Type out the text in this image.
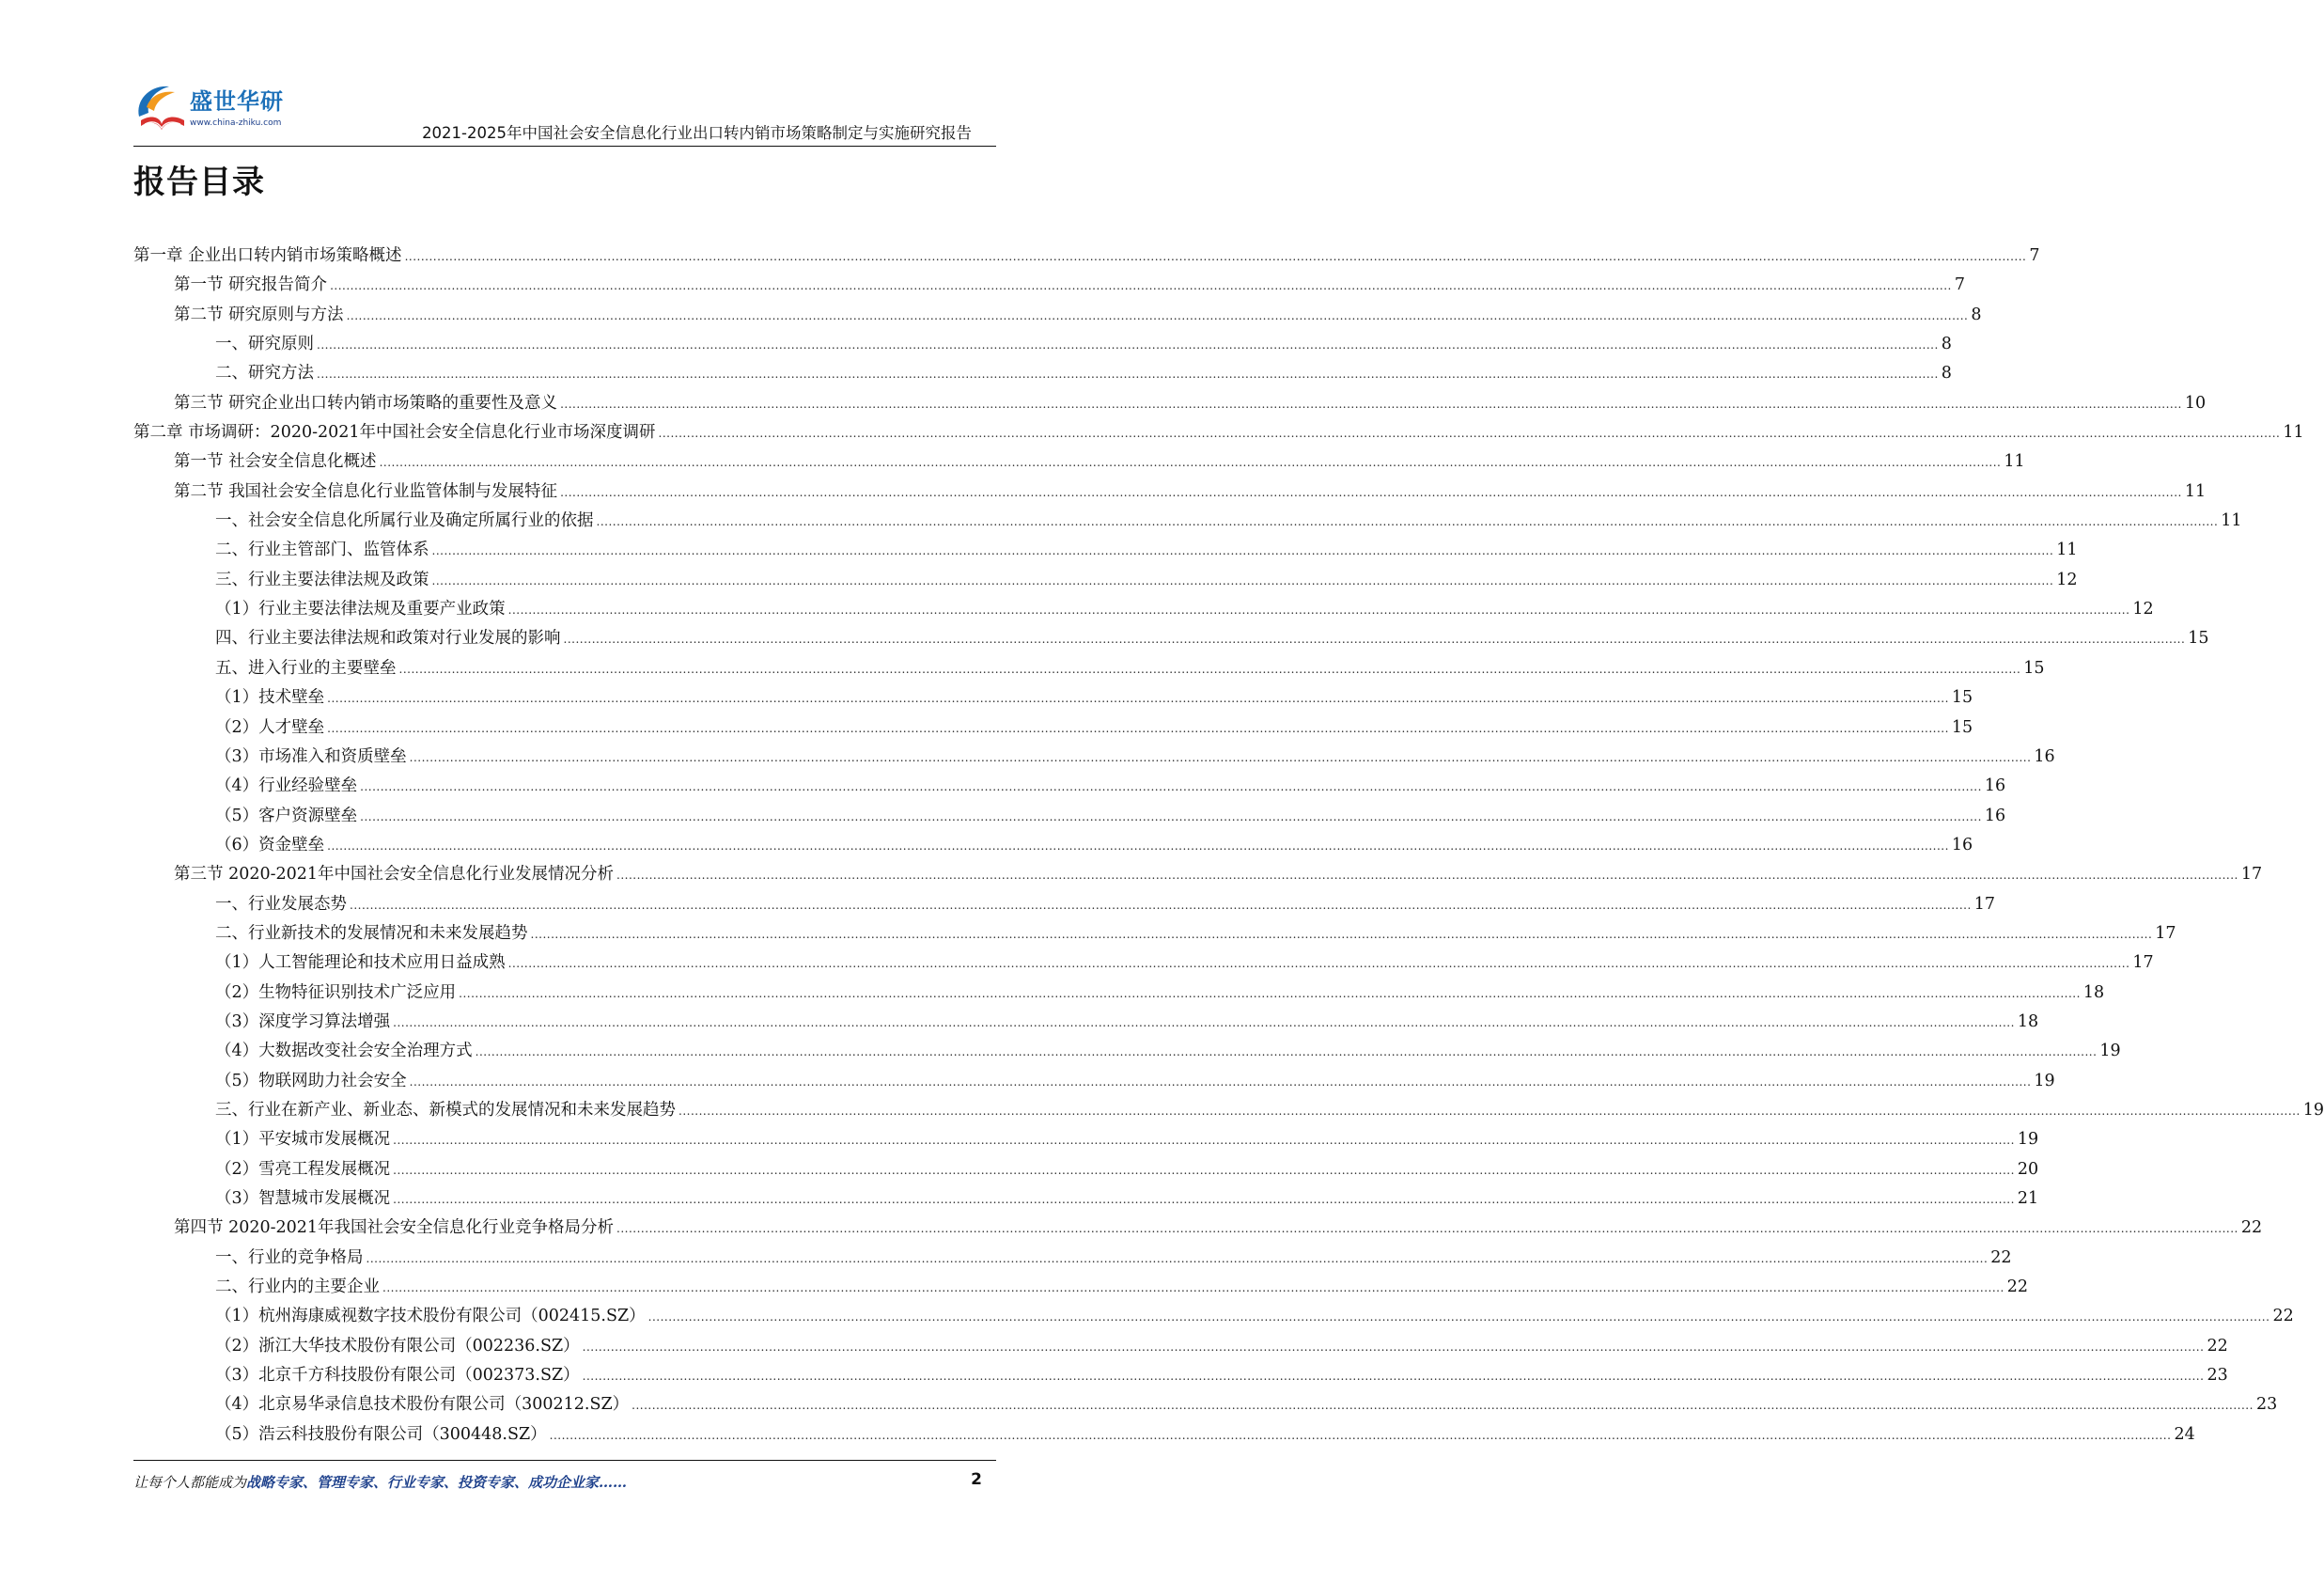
盛世华研
www.china-zhiku.com
2021-2025年中国社会安全信息化行业出口转内销市场策略制定与实施研究报告
报告目录
第一章 企业出口转内销市场策略概述 ................................................................................................................................................................................................................................................................................................................................................................................................................ 7
第一节 研究报告简介 ................................................................................................................................................................................................................................................................................................................................................................................................................ 7
第二节 研究原则与方法 ................................................................................................................................................................................................................................................................................................................................................................................................................ 8
一、研究原则 ................................................................................................................................................................................................................................................................................................................................................................................................................ 8
二、研究方法 ................................................................................................................................................................................................................................................................................................................................................................................................................ 8
第三节 研究企业出口转内销市场策略的重要性及意义 ................................................................................................................................................................................................................................................................................................................................................................................................................ 10
第二章 市场调研：2020-2021年中国社会安全信息化行业市场深度调研 ................................................................................................................................................................................................................................................................................................................................................................................................................ 11
第一节 社会安全信息化概述 ................................................................................................................................................................................................................................................................................................................................................................................................................ 11
第二节 我国社会安全信息化行业监管体制与发展特征 ................................................................................................................................................................................................................................................................................................................................................................................................................ 11
一、社会安全信息化所属行业及确定所属行业的依据 ................................................................................................................................................................................................................................................................................................................................................................................................................ 11
二、行业主管部门、监管体系 ................................................................................................................................................................................................................................................................................................................................................................................................................ 11
三、行业主要法律法规及政策 ................................................................................................................................................................................................................................................................................................................................................................................................................ 12
（1）行业主要法律法规及重要产业政策 ................................................................................................................................................................................................................................................................................................................................................................................................................ 12
四、行业主要法律法规和政策对行业发展的影响 ................................................................................................................................................................................................................................................................................................................................................................................................................ 15
五、进入行业的主要壁垒 ................................................................................................................................................................................................................................................................................................................................................................................................................ 15
（1）技术壁垒 ................................................................................................................................................................................................................................................................................................................................................................................................................ 15
（2）人才壁垒 ................................................................................................................................................................................................................................................................................................................................................................................................................ 15
（3）市场准入和资质壁垒 ................................................................................................................................................................................................................................................................................................................................................................................................................ 16
（4）行业经验壁垒 ................................................................................................................................................................................................................................................................................................................................................................................................................ 16
（5）客户资源壁垒 ................................................................................................................................................................................................................................................................................................................................................................................................................ 16
（6）资金壁垒 ................................................................................................................................................................................................................................................................................................................................................................................................................ 16
第三节 2020-2021年中国社会安全信息化行业发展情况分析 ................................................................................................................................................................................................................................................................................................................................................................................................................ 17
一、行业发展态势 ................................................................................................................................................................................................................................................................................................................................................................................................................ 17
二、行业新技术的发展情况和未来发展趋势 ................................................................................................................................................................................................................................................................................................................................................................................................................ 17
（1）人工智能理论和技术应用日益成熟 ................................................................................................................................................................................................................................................................................................................................................................................................................ 17
（2）生物特征识别技术广泛应用 ................................................................................................................................................................................................................................................................................................................................................................................................................ 18
（3）深度学习算法增强 ................................................................................................................................................................................................................................................................................................................................................................................................................ 18
（4）大数据改变社会安全治理方式 ................................................................................................................................................................................................................................................................................................................................................................................................................ 19
（5）物联网助力社会安全 ................................................................................................................................................................................................................................................................................................................................................................................................................ 19
三、行业在新产业、新业态、新模式的发展情况和未来发展趋势 ................................................................................................................................................................................................................................................................................................................................................................................................................ 19
（1）平安城市发展概况 ................................................................................................................................................................................................................................................................................................................................................................................................................ 19
（2）雪亮工程发展概况 ................................................................................................................................................................................................................................................................................................................................................................................................................ 20
（3）智慧城市发展概况 ................................................................................................................................................................................................................................................................................................................................................................................................................ 21
第四节 2020-2021年我国社会安全信息化行业竞争格局分析 ................................................................................................................................................................................................................................................................................................................................................................................................................ 22
一、行业的竞争格局 ................................................................................................................................................................................................................................................................................................................................................................................................................ 22
二、行业内的主要企业 ................................................................................................................................................................................................................................................................................................................................................................................................................ 22
（1）杭州海康威视数字技术股份有限公司（002415.SZ） ................................................................................................................................................................................................................................................................................................................................................................................................................ 22
（2）浙江大华技术股份有限公司（002236.SZ） ................................................................................................................................................................................................................................................................................................................................................................................................................ 22
（3）北京千方科技股份有限公司（002373.SZ） ................................................................................................................................................................................................................................................................................................................................................................................................................ 23
（4）北京易华录信息技术股份有限公司（300212.SZ） ................................................................................................................................................................................................................................................................................................................................................................................................................ 23
（5）浩云科技股份有限公司（300448.SZ） ................................................................................................................................................................................................................................................................................................................................................................................................................ 24
让每个人都能成为战略专家、管理专家、行业专家、投资专家、成功企业家……	2
